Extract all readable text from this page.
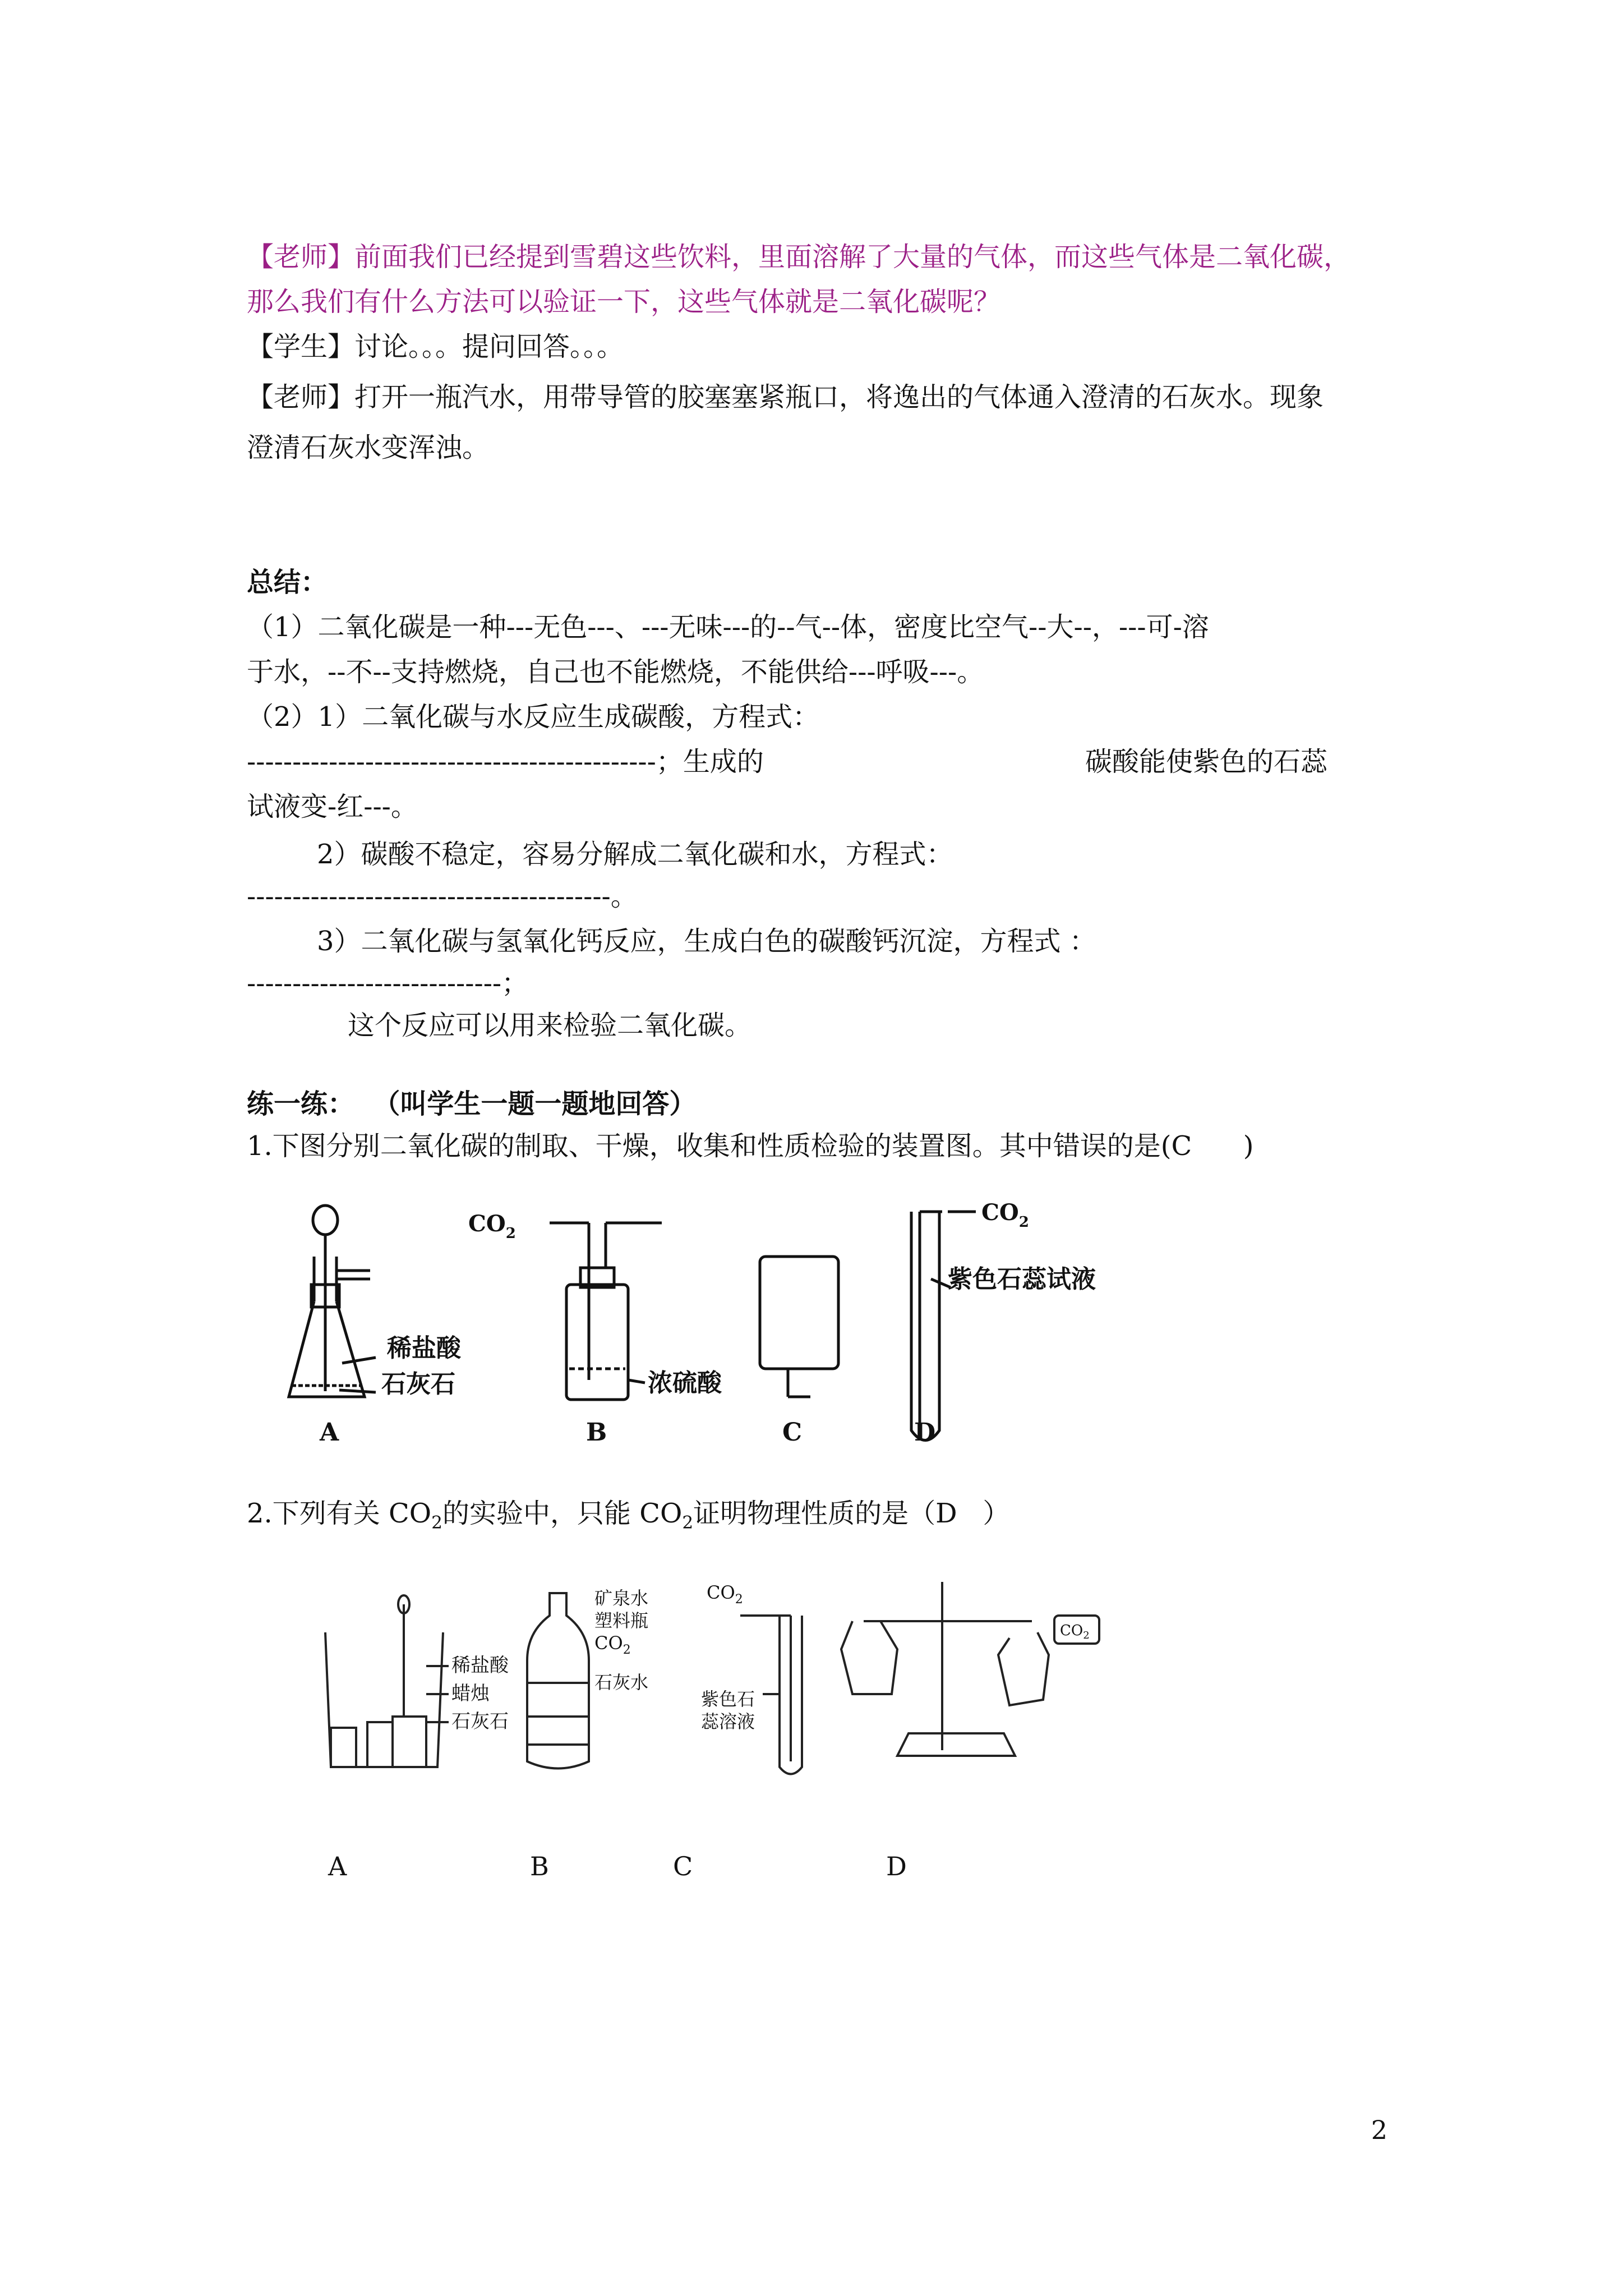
【老师】前面我们已经提到雪碧这些饮料，里面溶解了大量的气体，而这些气体是二氧化碳，
那么我们有什么方法可以验证一下，这些气体就是二氧化碳呢？
【学生】讨论。。。提问回答。。。
【老师】打开一瓶汽水，用带导管的胶塞塞紧瓶口，将逸出的气体通入澄清的石灰水。现象
澄清石灰水变浑浊。
总结：
（1）二氧化碳是一种---无色---、---无味---的--气--体，密度比空气--大--，---可-溶
于水，--不--支持燃烧，自己也不能燃烧，不能供给---呼吸---。
（2）1）二氧化碳与水反应生成碳酸，方程式：
---------------------------------------------；生成的	碳酸能使紫色的石蕊
试液变-红---。
2）碳酸不稳定，容易分解成二氧化碳和水，方程式：
----------------------------------------。
3）二氧化碳与氢氧化钙反应，生成白色的碳酸钙沉淀，方程式 ：
----------------------------；
这个反应可以用来检验二氧化碳。
练一练：  （叫学生一题一题地回答）
1.下图分别二氧化碳的制取、干燥，收集和性质检验的装置图。其中错误的是(C      )
稀盐酸
石灰石
$CO_2$
浓硫酸
$CO_2$
紫色石蕊试液
A	B	C	D
2.下列有关 $CO_2$的实验中，只能 $CO_2$证明物理性质的是（D   ）
稀盐酸
蜡烛
石灰石
矿泉水
塑料瓶
$CO_2$
石灰水
$CO_2$
紫色石
蕊溶液
$CO_2$
A	B	C	D
2
